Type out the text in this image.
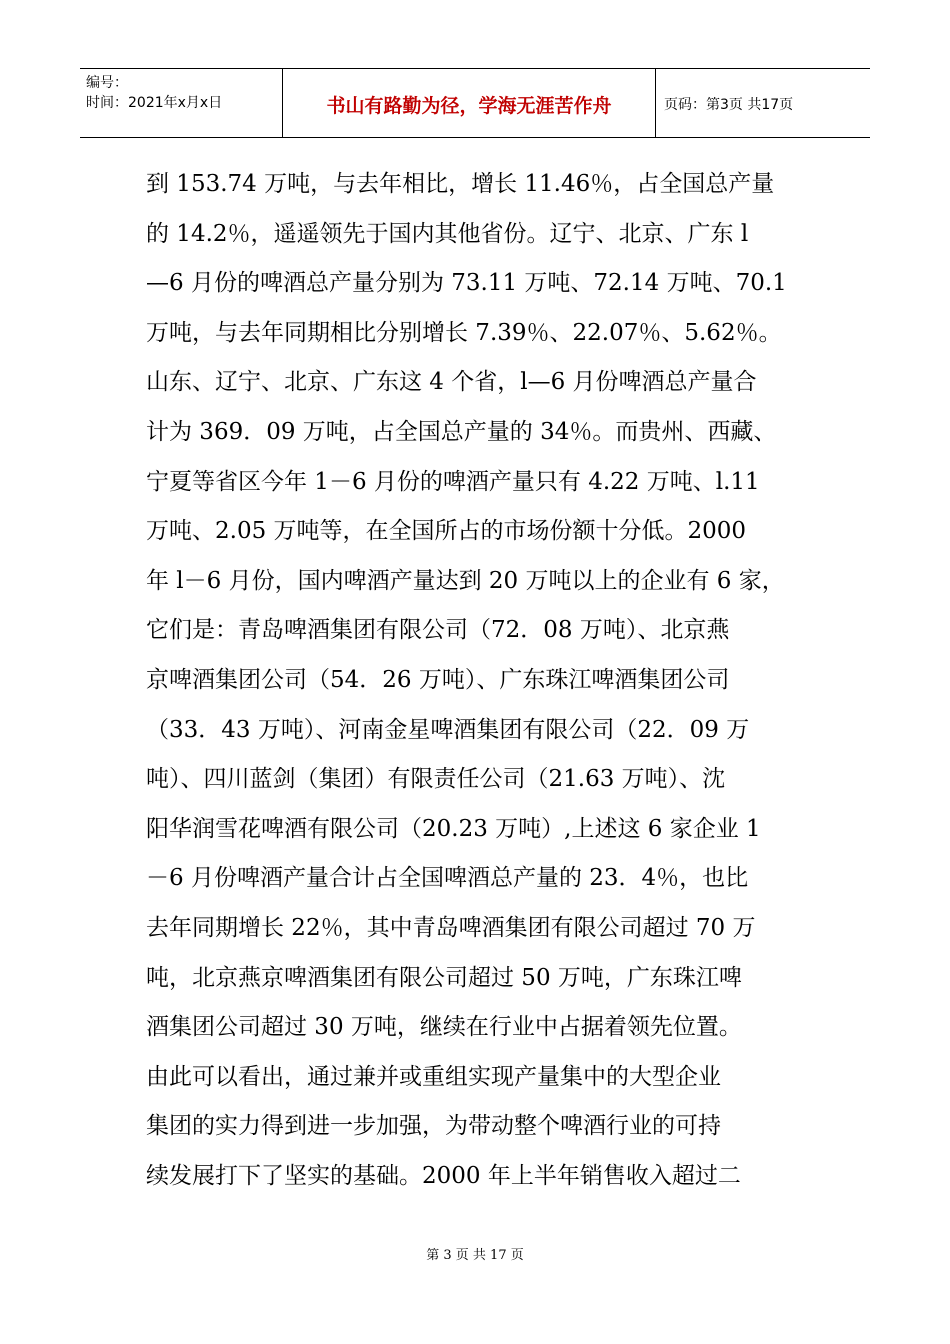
编号：
时间：2021年x月x日	书山有路勤为径，学海无涯苦作舟	页码：第3页 共17页
到 153.74 万吨，与去年相比，增长 11.46％，占全国总产量
的 14.2％，遥遥领先于国内其他省份。辽宁、北京、广东 l
—6 月份的啤酒总产量分别为 73.11 万吨、72.14 万吨、70.1
万吨，与去年同期相比分别增长 7.39％、22.07％、5.62％。
山东、辽宁、北京、广东这 4 个省，l—6 月份啤酒总产量合
计为 369．09 万吨，占全国总产量的 34％。而贵州、西藏、
宁夏等省区今年 1－6 月份的啤酒产量只有 4.22 万吨、l.11
万吨、2.05 万吨等，在全国所占的市场份额十分低。2000
年 l－6 月份，国内啤酒产量达到 20 万吨以上的企业有 6 家，
它们是：青岛啤酒集团有限公司（72．08 万吨）、北京燕
京啤酒集团公司（54．26 万吨）、广东珠江啤酒集团公司
（33．43 万吨）、河南金星啤酒集团有限公司（22．09 万
吨）、四川蓝剑（集团）有限责任公司（21.63 万吨）、沈
阳华润雪花啤酒有限公司（20.23 万吨）,上述这 6 家企业 1
－6 月份啤酒产量合计占全国啤酒总产量的 23．4％，也比
去年同期增长 22％，其中青岛啤酒集团有限公司超过 70 万
吨，北京燕京啤酒集团有限公司超过 50 万吨，广东珠江啤
酒集团公司超过 30 万吨，继续在行业中占据着领先位置。
由此可以看出，通过兼并或重组实现产量集中的大型企业
集团的实力得到进一步加强，为带动整个啤酒行业的可持
续发展打下了坚实的基础。2000 年上半年销售收入超过二
第 3 页 共 17 页
